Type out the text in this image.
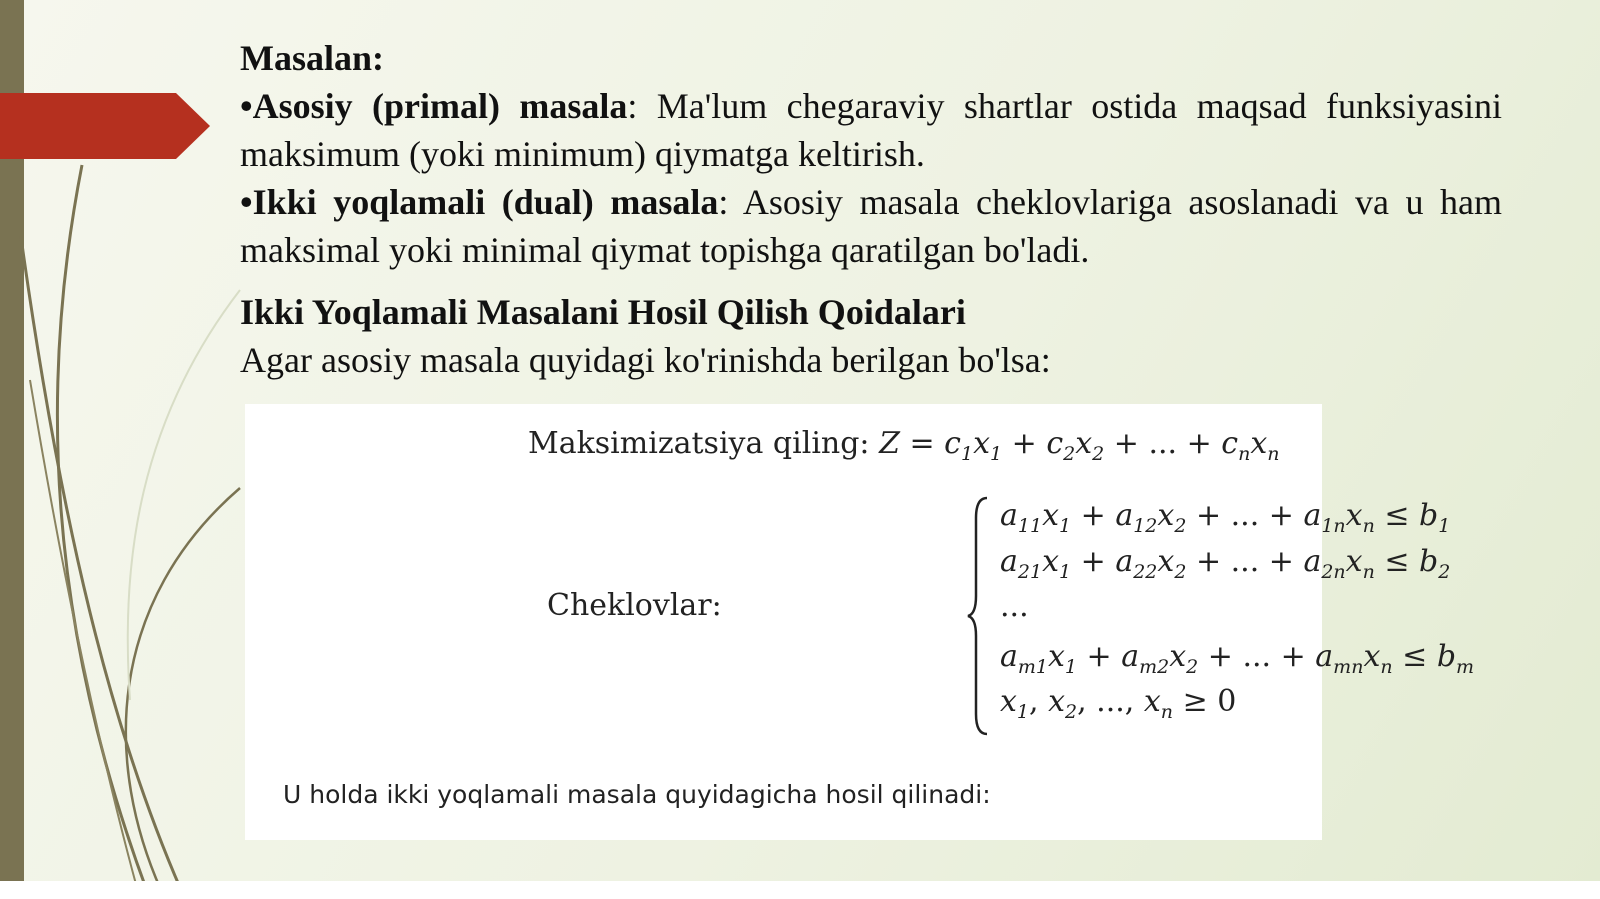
Masalan:

•Asosiy (primal) masala: Ma'lum chegaraviy shartlar ostida maqsad funksiyasini maksimum (yoki minimum) qiymatga keltirish.

•Ikki yoqlamali (dual) masala: Asosiy masala cheklovlariga asoslanadi va u ham maksimal yoki minimal qiymat topishga qaratilgan bo'ladi.

Ikki Yoqlamali Masalani Hosil Qilish Qoidalari

Agar asosiy masala quyidagi ko'rinishda berilgan bo'lsa:

Maksimizatsiya qiling: $Z = c_1x_1 + c_2x_2$ + ... + $c_nx_n$
Cheklovlar:
$a_{11}x_1 + a_{12}x_2$ + ... + $a_{1n}x_n \le b_1$
$a_{21}x_1 + a_{22}x_2$ + ... + $a_{2n}x_n \le b_2$
...
$a_{m1}x_1 + a_{m2}x_2$ + ... + $a_{mn}x_n \le b_m$
$x_1$, $x_2$, ..., $x_n \ge 0$
U holda ikki yoqlamali masala quyidagicha hosil qilinadi:
